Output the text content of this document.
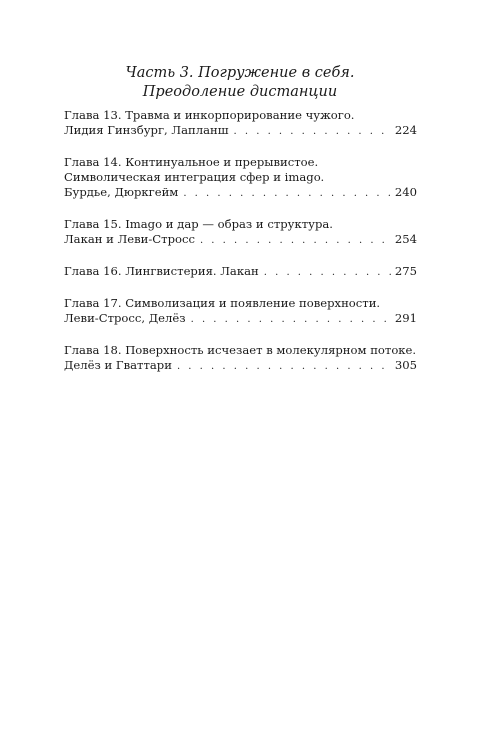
Часть 3. Погружение в себя.
Преодоление дистанции
Глава 13. Травма и инкорпорирование чужого.
Лидия Гинзбург, Лапланш . . .	224
Глава 14. Континуальное и прерывистое.
Символическая интеграция сфер и imago.
Бурдье, Дюркгейм . . .	240
Глава 15. Imago и дар — образ и структура.
Лакан и Леви-Стросс . . .	254
Глава 16. Лингвистерия. Лакан . . .	275
Глава 17. Символизация и появление поверхности.
Леви-Стросс, Делёз . . .	291
Глава 18. Поверхность исчезает в молекулярном потоке.
Делёз и Гваттари . . .	305
